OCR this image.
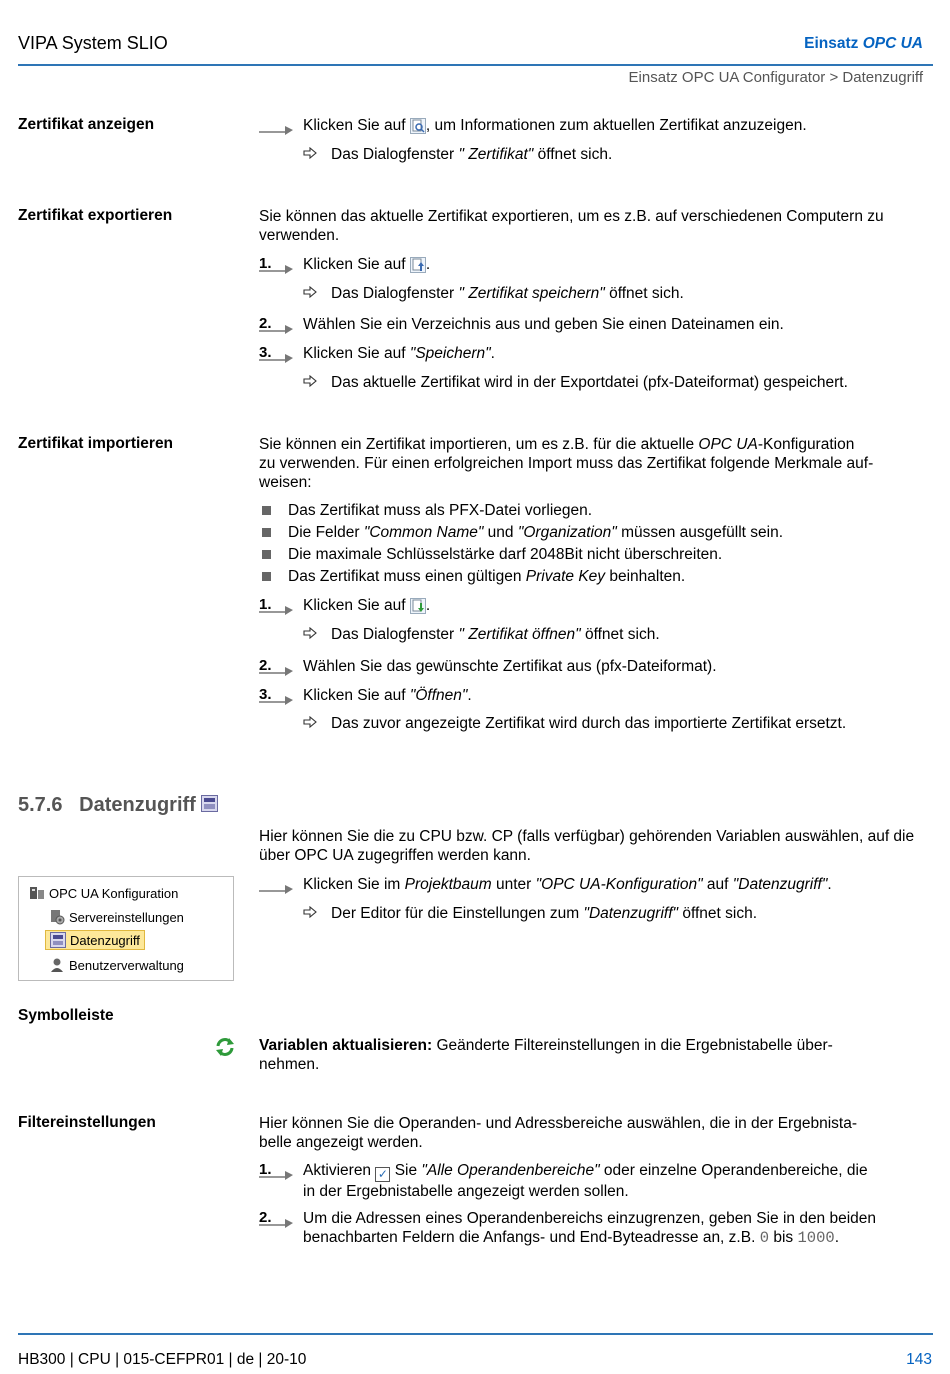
VIPA System SLIO	Einsatz OPC UA
Einsatz OPC UA Configurator > Datenzugriff
Zertifikat anzeigen	Klicken Sie auf , um Informationen zum aktuellen Zertifikat anzuzeigen.
Das Dialogfenster " Zertifikat" öffnet sich.
Zertifikat exportieren	Sie können das aktuelle Zertifikat exportieren, um es z.B. auf verschiedenen Computern zu verwenden.
1. Klicken Sie auf .
Das Dialogfenster " Zertifikat speichern" öffnet sich.
2. Wählen Sie ein Verzeichnis aus und geben Sie einen Dateinamen ein.
3. Klicken Sie auf "Speichern".
Das aktuelle Zertifikat wird in der Exportdatei (pfx-Dateiformat) gespeichert.
Zertifikat importieren	Sie können ein Zertifikat importieren, um es z.B. für die aktuelle OPC UA-Konfiguration
zu verwenden. Für einen erfolgreichen Import muss das Zertifikat folgende Merkmale auf-
weisen:
Das Zertifikat muss als PFX-Datei vorliegen.
Die Felder "Common Name" und "Organization" müssen ausgefüllt sein.
Die maximale Schlüsselstärke darf 2048Bit nicht überschreiten.
Das Zertifikat muss einen gültigen Private Key beinhalten.
1. Klicken Sie auf .
Das Dialogfenster " Zertifikat öffnen" öffnet sich.
2. Wählen Sie das gewünschte Zertifikat aus (pfx-Dateiformat).
3. Klicken Sie auf "Öffnen".
Das zuvor angezeigte Zertifikat wird durch das importierte Zertifikat ersetzt.
5.7.6 Datenzugriff
Hier können Sie die zu CPU bzw. CP (falls verfügbar) gehörenden Variablen auswählen, auf die über OPC UA zugegriffen werden kann.
Klicken Sie im Projektbaum unter "OPC UA-Konfiguration" auf "Datenzugriff".
Der Editor für die Einstellungen zum "Datenzugriff" öffnet sich.
OPC UA Konfiguration
Servereinstellungen
Datenzugriff
Benutzerverwaltung
Symbolleiste
Variablen aktualisieren: Geänderte Filtereinstellungen in die Ergebnistabelle über-
nehmen.
Filtereinstellungen	Hier können Sie die Operanden- und Adressbereiche auswählen, die in der Ergebnista-
belle angezeigt werden.
1. Aktivieren ✓ Sie "Alle Operandenbereiche" oder einzelne Operandenbereiche, die
in der Ergebnistabelle angezeigt werden sollen.
2. Um die Adressen eines Operandenbereichs einzugrenzen, geben Sie in den beiden
benachbarten Feldern die Anfangs- und End-Byteadresse an, z.B. 0 bis 1000.
HB300 | CPU | 015-CEFPR01 | de | 20-10	143
